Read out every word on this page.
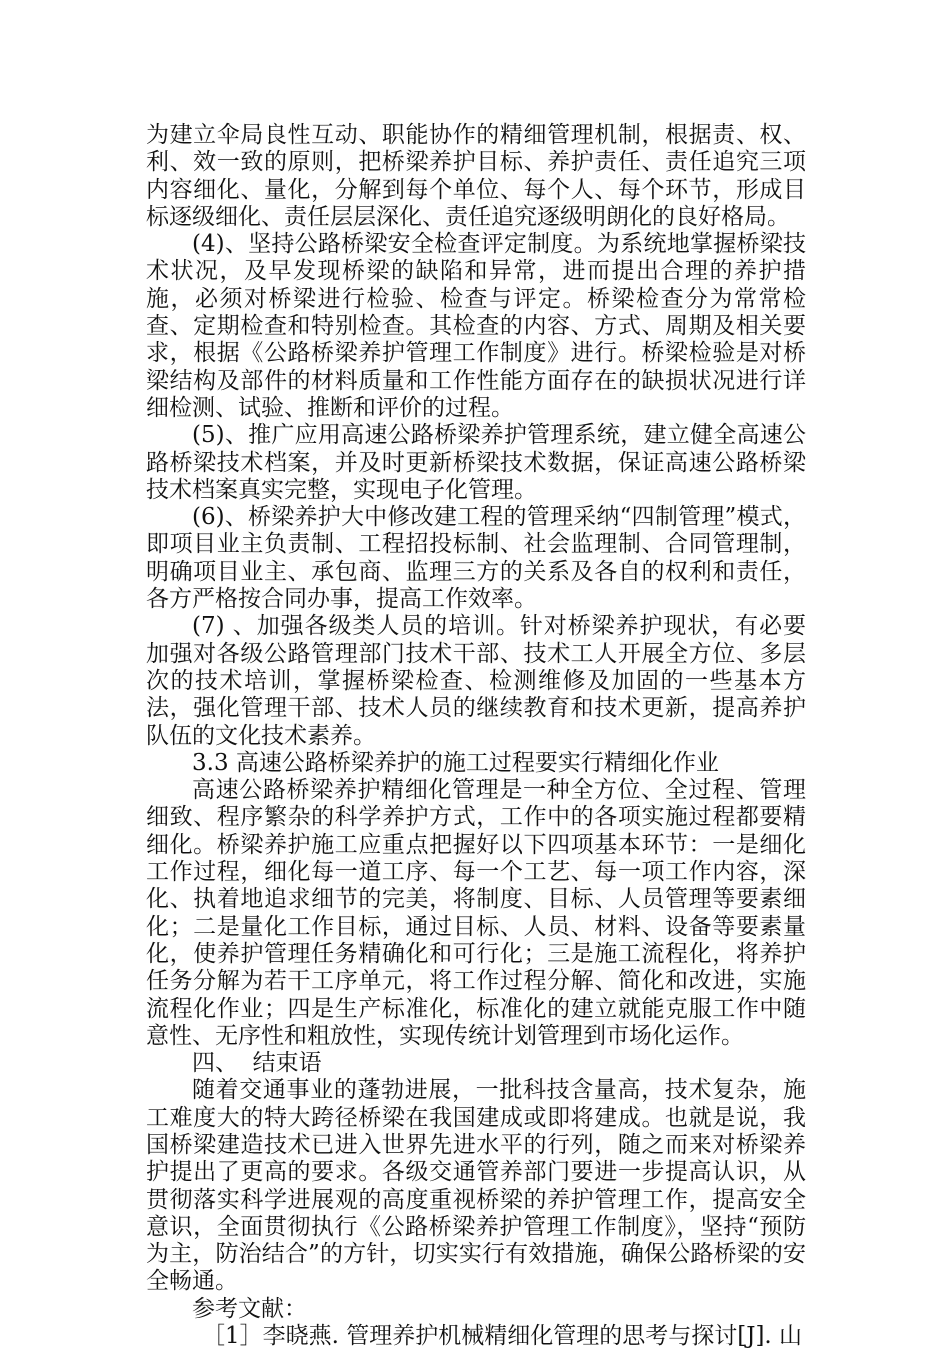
为建立伞局良性互动、职能协作的精细管理机制，根据责、权、利、效一致的原则，把桥梁养护目标、养护责任、责任追究三项内容细化、量化，分解到每个单位、每个人、每个环节，形成目标逐级细化、责任层层深化、责任追究逐级明朗化的良好格局。

(4)、坚持公路桥梁安全检查评定制度。为系统地掌握桥梁技术状况，及早发现桥梁的缺陷和异常，进而提出合理的养护措施，必须对桥梁进行检验、检查与评定。桥梁检查分为常常检查、定期检查和特别检查。其检查的内容、方式、周期及相关要求，根据《公路桥梁养护管理工作制度》进行。桥梁检验是对桥梁结构及部件的材料质量和工作性能方面存在的缺损状况进行详细检测、试验、推断和评价的过程。

(5)、推广应用高速公路桥梁养护管理系统，建立健全高速公路桥梁技术档案，并及时更新桥梁技术数据，保证高速公路桥梁技术档案真实完整，实现电子化管理。

(6)、桥梁养护大中修改建工程的管理采纳“四制管理”模式，即项目业主负责制、工程招投标制、社会监理制、合同管理制，明确项目业主、承包商、监理三方的关系及各自的权利和责任，各方严格按合同办事，提高工作效率。

(7) 、加强各级类人员的培训。针对桥梁养护现状，有必要加强对各级公路管理部门技术干部、技术工人开展全方位、多层次的技术培训，掌握桥梁检查、检测维修及加固的一些基本方法，强化管理干部、技术人员的继续教育和技术更新，提高养护队伍的文化技术素养。

3.3 高速公路桥梁养护的施工过程要实行精细化作业

高速公路桥梁养护精细化管理是一种全方位、全过程、管理细致、程序繁杂的科学养护方式，工作中的各项实施过程都要精细化。桥梁养护施工应重点把握好以下四项基本环节：一是细化工作过程，细化每一道工序、每一个工艺、每一项工作内容，深化、执着地追求细节的完美，将制度、目标、人员管理等要素细化；二是量化工作目标，通过目标、人员、材料、设备等要素量化，使养护管理任务精确化和可行化；三是施工流程化，将养护任务分解为若干工序单元，将工作过程分解、简化和改进，实施流程化作业；四是生产标准化，标准化的建立就能克服工作中随意性、无序性和粗放性，实现传统计划管理到市场化运作。

四、  结束语

随着交通事业的蓬勃进展，一批科技含量高，技术复杂，施工难度大的特大跨径桥梁在我国建成或即将建成。也就是说，我国桥梁建造技术已进入世界先进水平的行列，随之而来对桥梁养护提出了更高的要求。各级交通管养部门要进一步提高认识，从贯彻落实科学进展观的高度重视桥梁的养护管理工作，提高安全意识，全面贯彻执行《公路桥梁养护管理工作制度》，坚持“预防为主，防治结合”的方针，切实实行有效措施，确保公路桥梁的安全畅通。

参考文献：

［1］李晓燕. 管理养护机械精细化管理的思考与探讨[J]. 山
